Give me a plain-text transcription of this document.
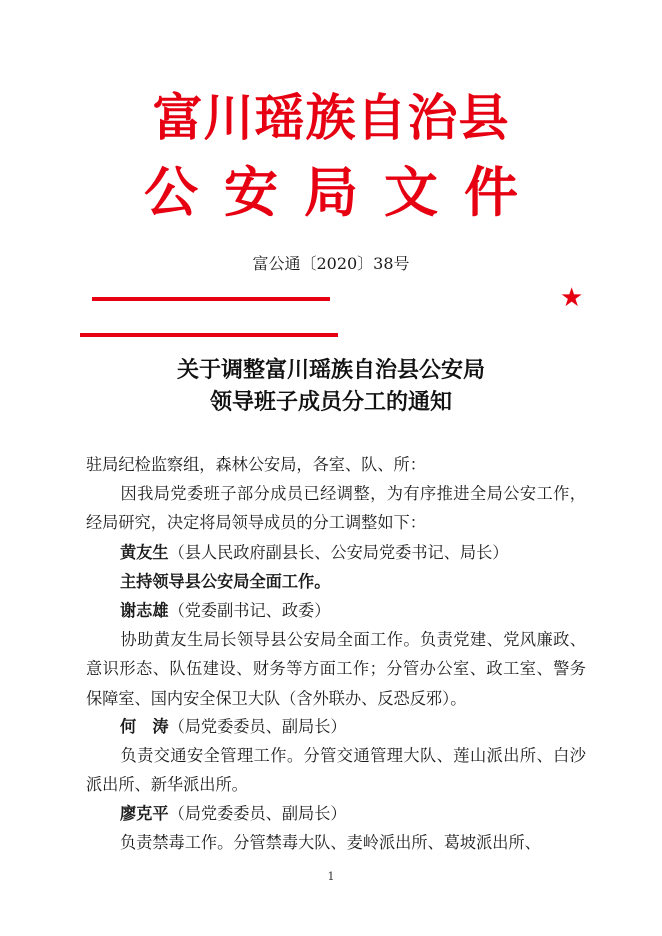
富川瑶族自治县
公安局文件
富公通〔2020〕38号
★
关于调整富川瑶族自治县公安局
领导班子成员分工的通知
驻局纪检监察组，森林公安局，各室、队、所：
因我局党委班子部分成员已经调整，为有序推进全局公安工作，经局研究，决定将局领导成员的分工调整如下：
黄友生（县人民政府副县长、公安局党委书记、局长）
主持领导县公安局全面工作。
谢志雄（党委副书记、政委）
协助黄友生局长领导县公安局全面工作。负责党建、党风廉政、意识形态、队伍建设、财务等方面工作；分管办公室、政工室、警务保障室、国内安全保卫大队（含外联办、反恐反邪）。
何　涛（局党委委员、副局长）
负责交通安全管理工作。分管交通管理大队、莲山派出所、白沙派出所、新华派出所。
廖克平（局党委委员、副局长）
负责禁毒工作。分管禁毒大队、麦岭派出所、葛坡派出所、
1
